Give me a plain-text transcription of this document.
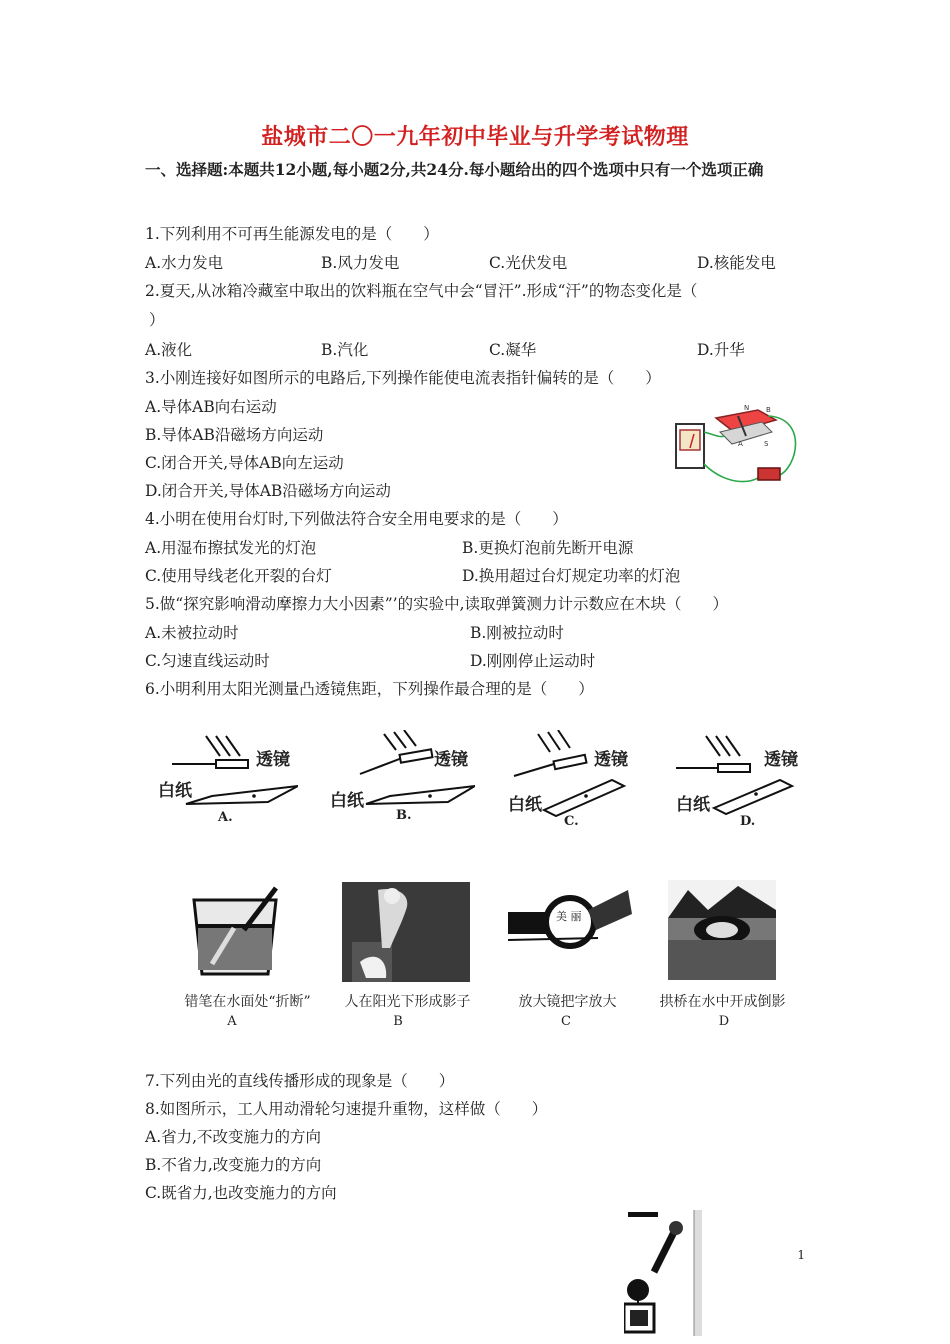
盐城市二〇一九年初中毕业与升学考试物理
一、选择题:本题共12小题,每小题2分,共24分.每小题给出的四个选项中只有一个选项正确
1.下列利用不可再生能源发电的是（　　）
A.水力发电	B.风力发电	C.光伏发电	D.核能发电
2.夏天,从冰箱冷藏室中取出的饮料瓶在空气中会“冒汗”.形成“汗”的物态变化是（
）
A.液化	B.汽化	C.凝华	D.升华
3.小刚连接好如图所示的电路后,下列操作能使电流表指针偏转的是（　　）
A.导体AB向右运动
B.导体AB沿磁场方向运动
C.闭合开关,导体AB向左运动
D.闭合开关,导体AB沿磁场方向运动
N
A	S
B
4.小明在使用台灯时,下列做法符合安全用电要求的是（　　）
A.用湿布擦拭发光的灯泡	B.更换灯泡前先断开电源
C.使用导线老化开裂的台灯	D.换用超过台灯规定功率的灯泡
5.做“探究影响滑动摩擦力大小因素”’的实验中,读取弹簧测力计示数应在木块（　　）
A.未被拉动时	B.刚被拉动时
C.匀速直线运动时	D.刚刚停止运动时
6.小明利用太阳光测量凸透镜焦距，下列操作最合理的是（　　）
透镜
白纸
A.
透镜
白纸
B.
透镜
白纸
C.
透镜
白纸
D.
美 丽
错笔在水面处“折断”	人在阳光下形成影子	放大镜把字放大	拱桥在水中开成倒影
A	B	C	D
7.下列由光的直线传播形成的现象是（　　）
8.如图所示，工人用动滑轮匀速提升重物，这样做（　　）
A.省力,不改变施力的方向
B.不省力,改变施力的方向
C.既省力,也改变施力的方向
1
